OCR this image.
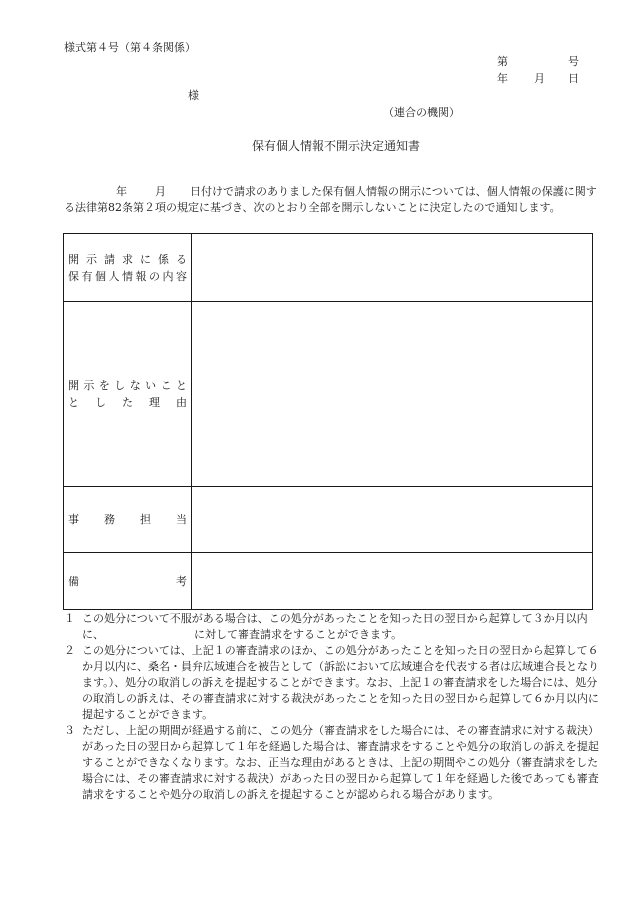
様式第４号（第４条関係）
第	号
年 月 日
様
（連合の機関）
保有個人情報不開示決定通知書
年	月 日付けで請求のありました保有個人情報の開示については、個人情報の保護に関する法律第82条第２項の規定に基づき、次のとおり全部を開示しないことに決定したので通知します。
開示請求に係る
保有個人情報の内容	

開示をしないこと
とした理由	

事務担当	

備考	

１ この処分について不服がある場合は、この処分があったことを知った日の翌日から起算して３か月以内に、	に対して審査請求をすることができます。
２ この処分については、上記１の審査請求のほか、この処分があったことを知った日の翌日から起算して６か月以内に、桑名・員弁広域連合を被告として（訴訟において広域連合を代表する者は広域連合長となります。）、処分の取消しの訴えを提起することができます。なお、上記１の審査請求をした場合には、処分の取消しの訴えは、その審査請求に対する裁決があったことを知った日の翌日から起算して６か月以内に提起することができます。
３ ただし、上記の期間が経過する前に、この処分（審査請求をした場合には、その審査請求に対する裁決）があった日の翌日から起算して１年を経過した場合は、審査請求をすることや処分の取消しの訴えを提起することができなくなります。なお、正当な理由があるときは、上記の期間やこの処分（審査請求をした場合には、その審査請求に対する裁決）があった日の翌日から起算して１年を経過した後であっても審査請求をすることや処分の取消しの訴えを提起することが認められる場合があります。
